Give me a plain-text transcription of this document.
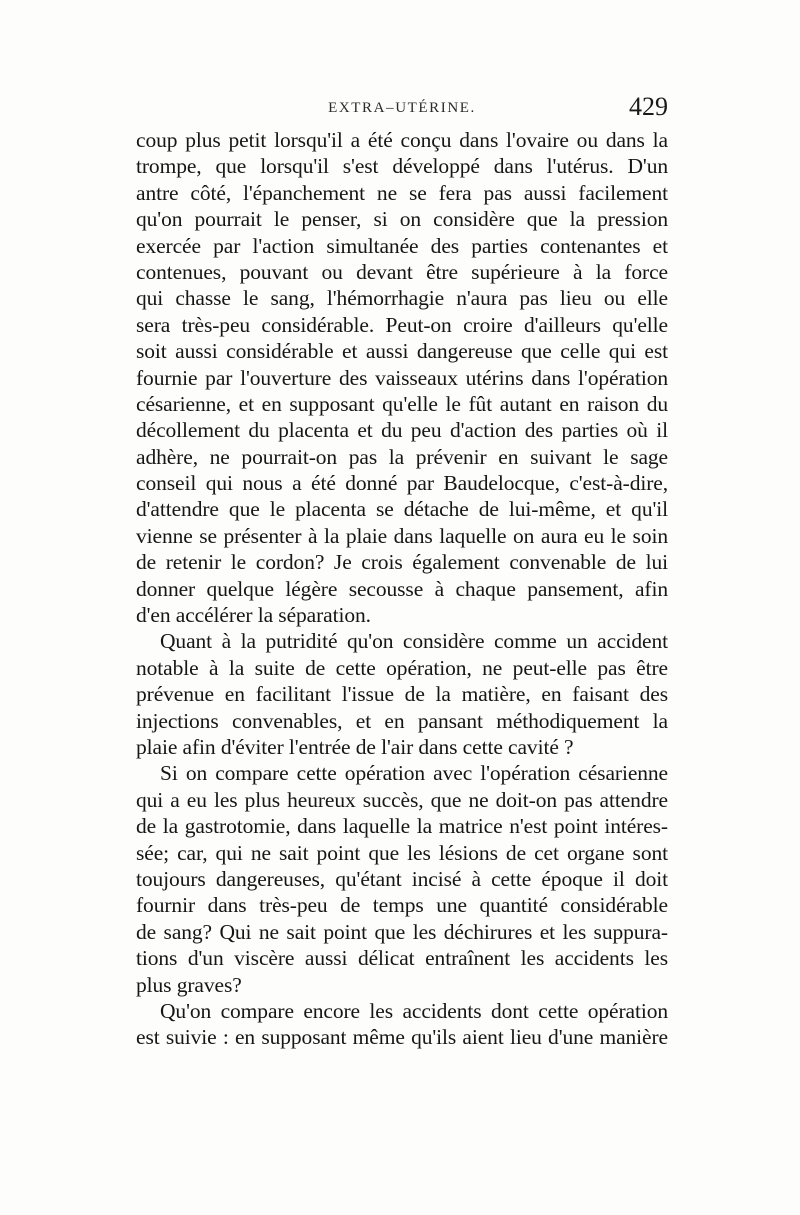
EXTRA–UTÉRINE.	429
coup plus petit lorsqu'il a été conçu dans l'ovaire ou dans la
trompe, que lorsqu'il s'est développé dans l'utérus. D'un
antre côté, l'épanchement ne se fera pas aussi facilement
qu'on pourrait le penser, si on considère que la pression
exercée par l'action simultanée des parties contenantes et
contenues, pouvant ou devant être supérieure à la force
qui chasse le sang, l'hémorrhagie n'aura pas lieu ou elle
sera très-peu considérable. Peut-on croire d'ailleurs qu'elle
soit aussi considérable et aussi dangereuse que celle qui est
fournie par l'ouverture des vaisseaux utérins dans l'opération
césarienne, et en supposant qu'elle le fût autant en raison du
décollement du placenta et du peu d'action des parties où il
adhère, ne pourrait-on pas la prévenir en suivant le sage
conseil qui nous a été donné par Baudelocque, c'est-à-dire,
d'attendre que le placenta se détache de lui-même, et qu'il
vienne se présenter à la plaie dans laquelle on aura eu le soin
de retenir le cordon? Je crois également convenable de lui
donner quelque légère secousse à chaque pansement, afin
d'en accélérer la séparation.
Quant à la putridité qu'on considère comme un accident
notable à la suite de cette opération, ne peut-elle pas être
prévenue en facilitant l'issue de la matière, en faisant des
injections convenables, et en pansant méthodiquement la
plaie afin d'éviter l'entrée de l'air dans cette cavité ?
Si on compare cette opération avec l'opération césarienne
qui a eu les plus heureux succès, que ne doit-on pas attendre
de la gastrotomie, dans laquelle la matrice n'est point intéres-
sée; car, qui ne sait point que les lésions de cet organe sont
toujours dangereuses, qu'étant incisé à cette époque il doit
fournir dans très-peu de temps une quantité considérable
de sang? Qui ne sait point que les déchirures et les suppura-
tions d'un viscère aussi délicat entraînent les accidents les
plus graves?
Qu'on compare encore les accidents dont cette opération
est suivie : en supposant même qu'ils aient lieu d'une manière
